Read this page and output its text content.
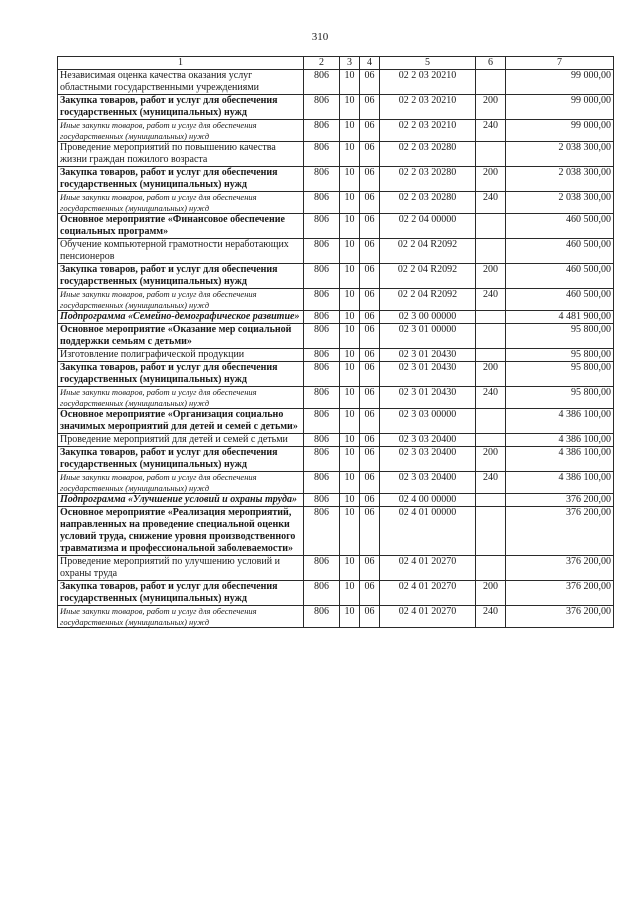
310
1	2	3	4	5	6	7
Независимая оценка качества оказания услуг областными государственными учреждениями	806	10	06	02 2 03 20210		99 000,00
Закупка товаров, работ и услуг для обеспечения государственных (муниципальных) нужд	806	10	06	02 2 03 20210	200	99 000,00
Иные закупки товаров, работ и услуг для обеспечения государственных (муниципальных) нужд	806	10	06	02 2 03 20210	240	99 000,00
Проведение мероприятий по повышению качества жизни граждан пожилого возраста	806	10	06	02 2 03 20280		2 038 300,00
Закупка товаров, работ и услуг для обеспечения государственных (муниципальных) нужд	806	10	06	02 2 03 20280	200	2 038 300,00
Иные закупки товаров, работ и услуг для обеспечения государственных (муниципальных) нужд	806	10	06	02 2 03 20280	240	2 038 300,00
Основное мероприятие «Финансовое обеспечение социальных программ»	806	10	06	02 2 04 00000		460 500,00
Обучение компьютерной грамотности неработающих пенсионеров	806	10	06	02 2 04 R2092		460 500,00
Закупка товаров, работ и услуг для обеспечения государственных (муниципальных) нужд	806	10	06	02 2 04 R2092	200	460 500,00
Иные закупки товаров, работ и услуг для обеспечения государственных (муниципальных) нужд	806	10	06	02 2 04 R2092	240	460 500,00
Подпрограмма «Семейно-демографическое развитие»	806	10	06	02 3 00 00000		4 481 900,00
Основное мероприятие «Оказание мер социальной поддержки семьям с детьми»	806	10	06	02 3 01 00000		95 800,00
Изготовление полиграфической продукции	806	10	06	02 3 01 20430		95 800,00
Закупка товаров, работ и услуг для обеспечения государственных (муниципальных) нужд	806	10	06	02 3 01 20430	200	95 800,00
Иные закупки товаров, работ и услуг для обеспечения государственных (муниципальных) нужд	806	10	06	02 3 01 20430	240	95 800,00
Основное мероприятие «Организация социально значимых мероприятий для детей и семей с детьми»	806	10	06	02 3 03 00000		4 386 100,00
Проведение мероприятий для детей и семей с детьми	806	10	06	02 3 03 20400		4 386 100,00
Закупка товаров, работ и услуг для обеспечения государственных (муниципальных) нужд	806	10	06	02 3 03 20400	200	4 386 100,00
Иные закупки товаров, работ и услуг для обеспечения государственных (муниципальных) нужд	806	10	06	02 3 03 20400	240	4 386 100,00
Подпрограмма «Улучшение условий и охраны труда»	806	10	06	02 4 00 00000		376 200,00
Основное мероприятие «Реализация мероприятий, направленных на проведение специальной оценки условий труда, снижение уровня производственного травматизма и профессиональной заболеваемости»	806	10	06	02 4 01 00000		376 200,00
Проведение мероприятий по улучшению условий и охраны труда	806	10	06	02 4 01 20270		376 200,00
Закупка товаров, работ и услуг для обеспечения государственных (муниципальных) нужд	806	10	06	02 4 01 20270	200	376 200,00
Иные закупки товаров, работ и услуг для обеспечения государственных (муниципальных) нужд	806	10	06	02 4 01 20270	240	376 200,00
